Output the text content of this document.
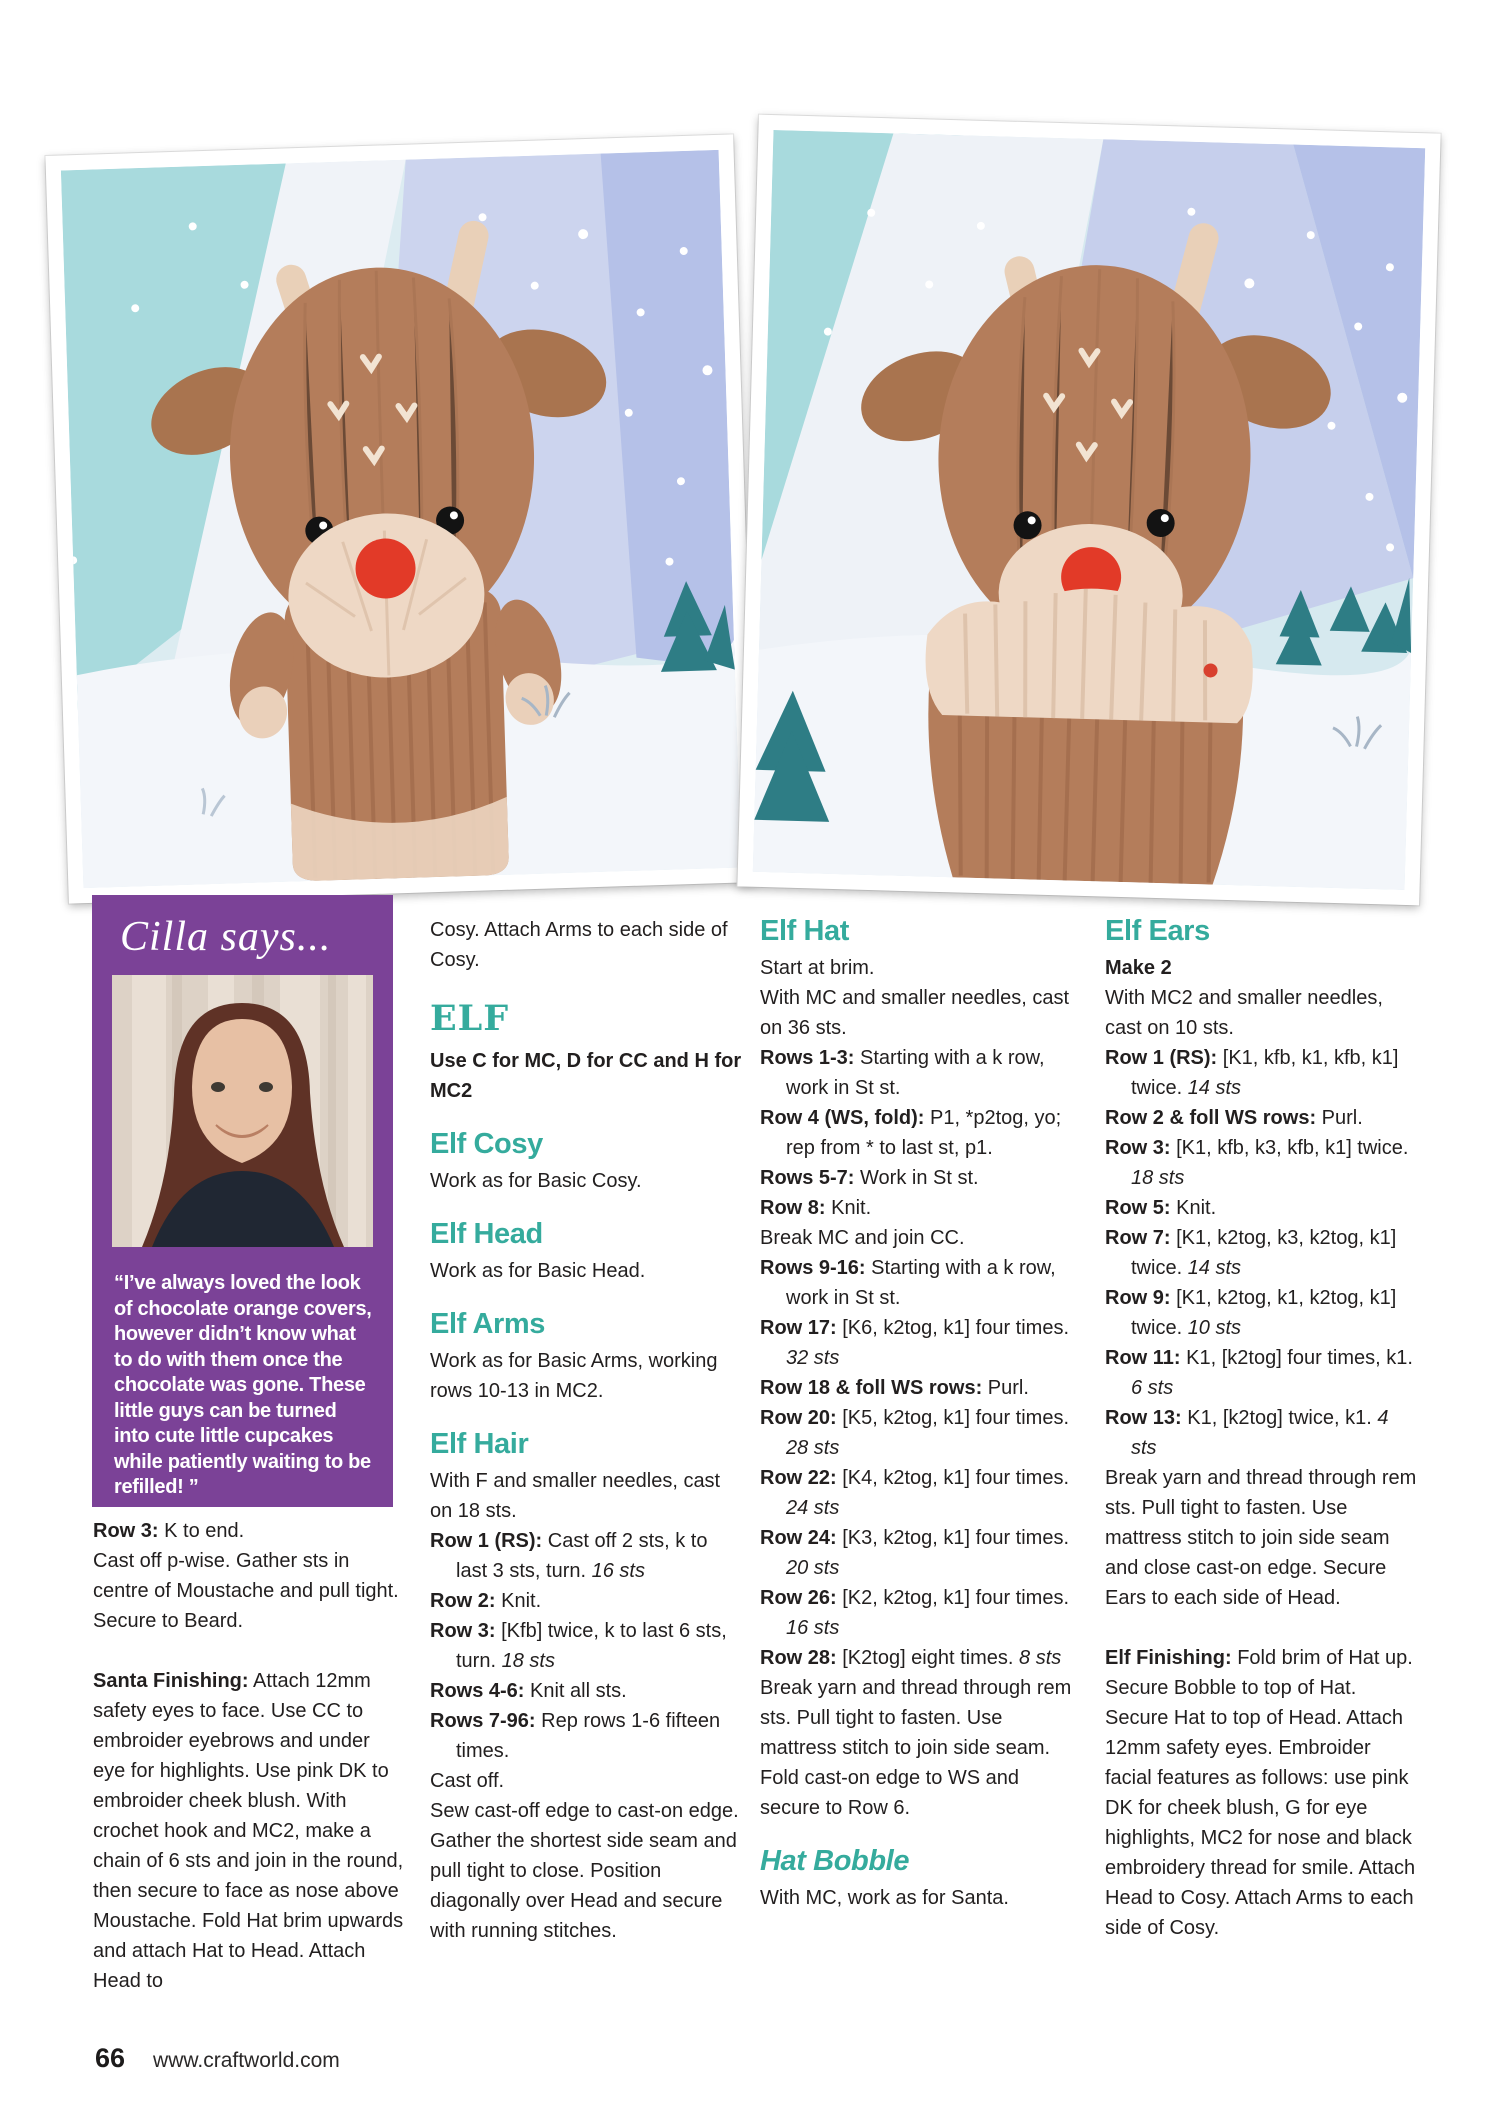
Cilla says...
“I’ve always loved the look of chocolate orange covers, however didn’t know what to do with them once the chocolate was gone. These little guys can be turned into cute little cupcakes while patiently waiting to be refilled! ”

Row 3: K to end.

Cast off p-wise. Gather sts in centre of Moustache and pull tight. Secure to Beard.

Santa Finishing: Attach 12mm safety eyes to face. Use CC to embroider eyebrows and under eye for highlights. Use pink DK to embroider cheek blush. With crochet hook and MC2, make a chain of 6 sts and join in the round, then secure to face as nose above Moustache. Fold Hat brim upwards and attach Hat to Head. Attach Head to

Cosy. Attach Arms to each side of Cosy.

ELF

Use C for MC, D for CC and H for MC2

Elf Cosy

Work as for Basic Cosy.

Elf Head

Work as for Basic Head.

Elf Arms

Work as for Basic Arms, working rows 10-13 in MC2.

Elf Hair

With F and smaller needles, cast on 18 sts.

Row 1 (RS): Cast off 2 sts, k to last 3 sts, turn. 16 sts

Row 2: Knit.

Row 3: [Kfb] twice, k to last 6 sts, turn. 18 sts

Rows 4-6: Knit all sts.

Rows 7-96: Rep rows 1-6 fifteen times.

Cast off.

Sew cast-off edge to cast-on edge. Gather the shortest side seam and pull tight to close. Position diagonally over Head and secure with running stitches.

Elf Hat

Start at brim.

With MC and smaller needles, cast on 36 sts.

Rows 1-3: Starting with a k row, work in St st.

Row 4 (WS, fold): P1, *p2tog, yo; rep from * to last st, p1.

Rows 5-7: Work in St st.

Row 8: Knit.

Break MC and join CC.

Rows 9-16: Starting with a k row, work in St st.

Row 17: [K6, k2tog, k1] four times. 32 sts

Row 18 & foll WS rows: Purl.

Row 20: [K5, k2tog, k1] four times. 28 sts

Row 22: [K4, k2tog, k1] four times. 24 sts

Row 24: [K3, k2tog, k1] four times. 20 sts

Row 26: [K2, k2tog, k1] four times. 16 sts

Row 28: [K2tog] eight times. 8 sts

Break yarn and thread through rem sts. Pull tight to fasten. Use mattress stitch to join side seam. Fold cast-on edge to WS and secure to Row 6.

Hat Bobble

With MC, work as for Santa.

Elf Ears

Make 2

With MC2 and smaller needles, cast on 10 sts.

Row 1 (RS): [K1, kfb, k1, kfb, k1] twice. 14 sts

Row 2 & foll WS rows: Purl.

Row 3: [K1, kfb, k3, kfb, k1] twice. 18 sts

Row 5: Knit.

Row 7: [K1, k2tog, k3, k2tog, k1] twice. 14 sts

Row 9: [K1, k2tog, k1, k2tog, k1] twice. 10 sts

Row 11: K1, [k2tog] four times, k1. 6 sts

Row 13: K1, [k2tog] twice, k1. 4 sts

Break yarn and thread through rem sts. Pull tight to fasten. Use mattress stitch to join side seam and close cast-on edge. Secure Ears to each side of Head.

Elf Finishing: Fold brim of Hat up. Secure Bobble to top of Hat. Secure Hat to top of Head. Attach 12mm safety eyes. Embroider facial features as follows: use pink DK for cheek blush, G for eye highlights, MC2 for nose and black embroidery thread for smile. Attach Head to Cosy. Attach Arms to each side of Cosy.

66 www.craftworld.com
